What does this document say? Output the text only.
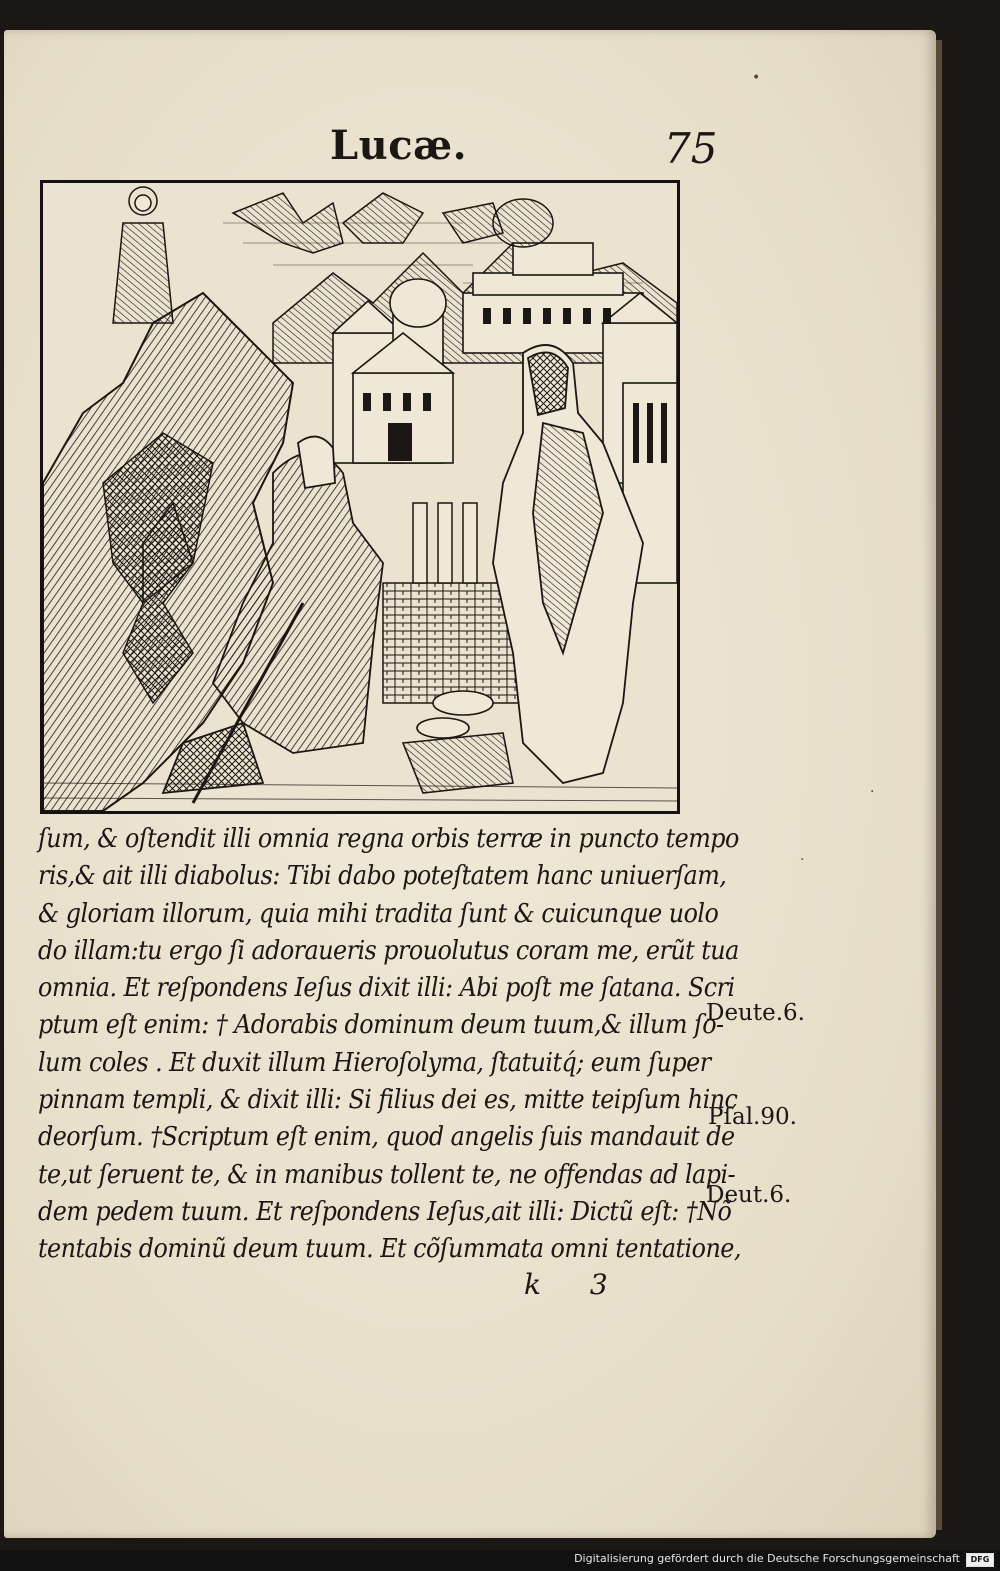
Lucæ.	75
ſum, & oſtendit illi omnia regna orbis terræ in puncto tempo
ris,& ait illi diabolus: Tibi dabo poteſtatem hanc uniuerſam,
& gloriam illorum, quia mihi tradita ſunt & cuicunque uolo
do illam:tu ergo ſi adoraueris prouolutus coram me, erũt tua
omnia. Et reſpondens Ieſus dixit illi: Abi poſt me ſatana. Scri
ptum eſt enim: † Adorabis dominum deum tuum,& illum ſo-
lum coles . Et duxit illum Hieroſolyma, ſtatuitq́; eum ſuper
pinnam templi, & dixit illi: Si filius dei es, mitte teipſum hinc
deorſum. †Scriptum eſt enim, quod angelis ſuis mandauit de
te,ut ſeruent te, & in manibus tollent te, ne offendas ad lapi-
dem pedem tuum. Et reſpondens Ieſus,ait illi: Dictũ eſt: †Nõ
tentabis dominũ deum tuum. Et cõſummata omni tentatione,
Deute.6.
Pſal.90.
Deut.6.
k 3
•
·
·
Digitalisierung gefördert durch die Deutsche Forschungsgemeinschaft	DFG
